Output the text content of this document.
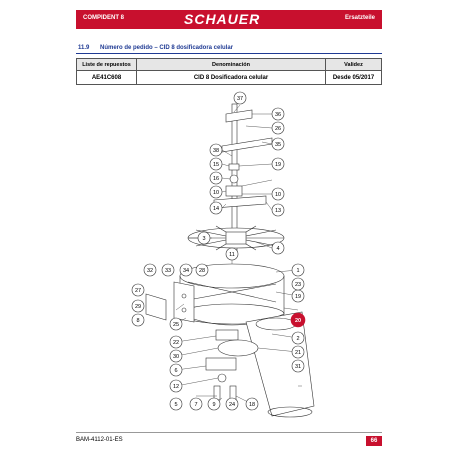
COMPIDENT 8	SCHAUER	Ersatzteile
11.9 Número de pedido – CID 8 dosificadora celular
Liste de repuestos	Denominación	Validez
AE41C608	CID 8 Dosificadora celular	Desde 05/2017
37
36
26
35
38
15	19
16
10	10
14	13
3
4
11
1
32 33 34 28
27
29
8
25
22
30
6
12
5	7	9 24	18
20
19
23
2
21
31
BAM-4112-01-ES	66
